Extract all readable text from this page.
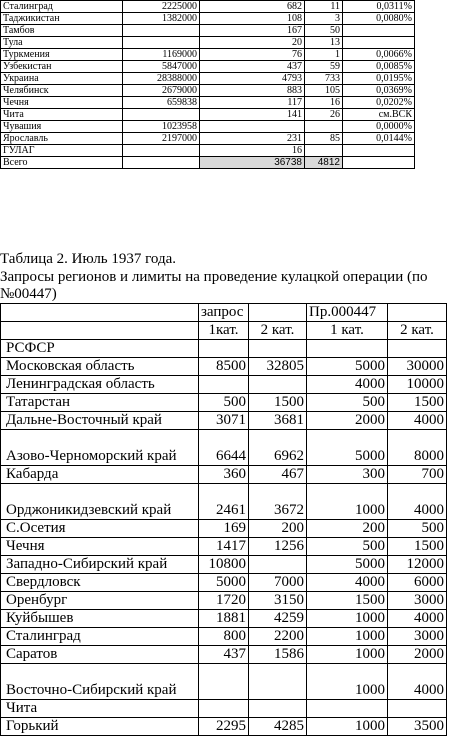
Сталинград	2225000	682	11	0,0311%
Таджикистан	1382000	108	3	0,0080%
Тамбов		167	50	
Тула		20	13	
Туркмения	1169000	76	1	0,0066%
Узбекистан	5847000	437	59	0,0085%
Украина	28388000	4793	733	0,0195%
Челябинск	2679000	883	105	0,0369%
Чечня	659838	117	16	0,0202%
Чита		141	26	см.ВСК
Чувашия	1023958			0,0000%
Ярославль	2197000	231	85	0,0144%
ГУЛАГ		16		
Всего		36738	4812	
Таблица 2. Июль 1937 года.
Запросы регионов и лимиты на проведение кулацкой операции (по
№00447)
	запрос		Пр.000447	
	1кат.	2 кат.	1 кат.	2 кат.
РСФСР				
Московская область	8500	32805	5000	30000
Ленинградская область			4000	10000
Татарстан	500	1500	500	1500
Дальне-Восточный край	3071	3681	2000	4000
Азово-Черноморский край	6644	6962	5000	8000
Кабарда	360	467	300	700
Орджоникидзевский край	2461	3672	1000	4000
С.Осетия	169	200	200	500
Чечня	1417	1256	500	1500
Западно-Сибирский край	10800		5000	12000
Свердловск	5000	7000	4000	6000
Оренбург	1720	3150	1500	3000
Куйбышев	1881	4259	1000	4000
Сталинград	800	2200	1000	3000
Саратов	437	1586	1000	2000
Восточно-Сибирский край			1000	4000
Чита				
Горький	2295	4285	1000	3500
